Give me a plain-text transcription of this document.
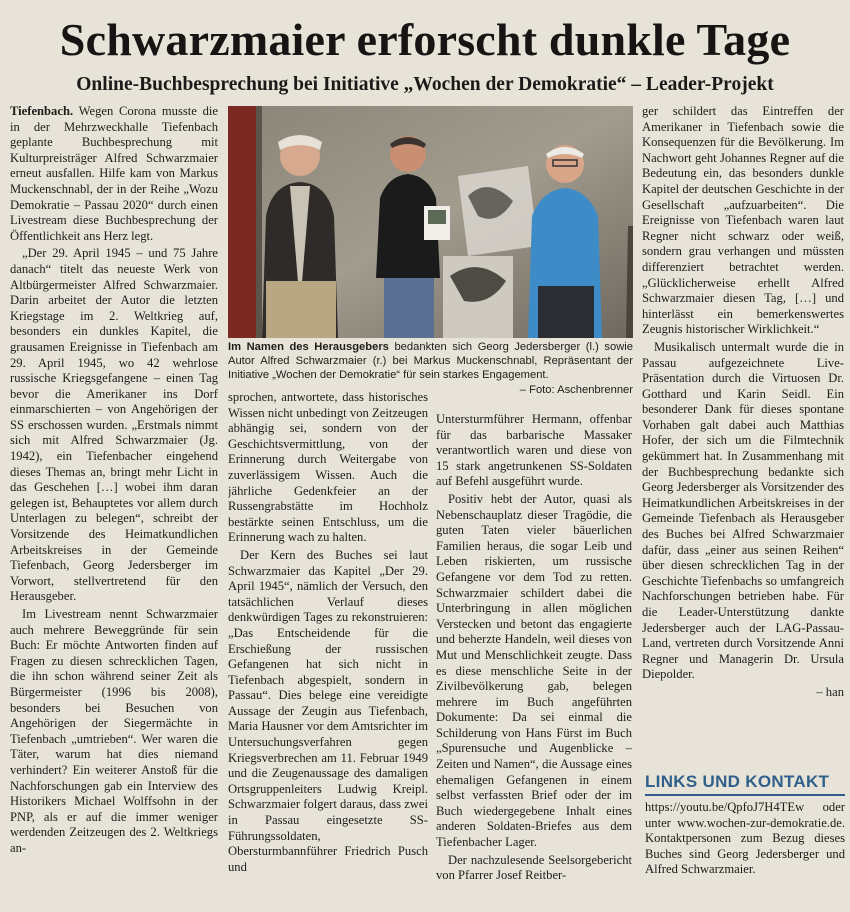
Schwarzmaier erforscht dunkle Tage
Online-Buchbesprechung bei Initiative „Wochen der Demokratie“ – Leader-Projekt

Tiefenbach. Wegen Corona musste die in der Mehrzweckhalle Tiefenbach geplante Buchbesprechung mit Kulturpreisträger Alfred Schwarzmaier erneut ausfallen. Hilfe kam von Markus Muckenschnabl, der in der Reihe „Wozu Demokratie – Passau 2020“ durch einen Livestream diese Buchbesprechung der Öffentlichkeit ans Herz legt.

„Der 29. April 1945 – und 75 Jahre danach“ titelt das neueste Werk von Altbürgermeister Alfred Schwarzmaier. Darin arbeitet der Autor die letzten Kriegstage im 2. Weltkrieg auf, besonders ein dunkles Kapitel, die grausamen Ereignisse in Tiefenbach am 29. April 1945, wo 42 wehrlose russische Kriegsgefangene – einen Tag bevor die Amerikaner ins Dorf einmarschierten – von Angehörigen der SS erschossen wurden. „Erstmals nimmt sich mit Alfred Schwarzmaier (Jg. 1942), ein Tiefenbacher eingehend dieses Themas an, bringt mehr Licht in das Geschehen […] wobei ihm daran gelegen ist, Behauptetes vor allem durch Unterlagen zu belegen“, schreibt der Vorsitzende des Heimatkundlichen Arbeitskreises in der Gemeinde Tiefenbach, Georg Jedersberger im Vorwort, stellvertretend für den Herausgeber.

Im Livestream nennt Schwarzmaier auch mehrere Beweggründe für sein Buch: Er möchte Antworten finden auf Fragen zu diesen schrecklichen Tagen, die ihn schon während seiner Zeit als Bürgermeister (1996 bis 2008), besonders bei Besuchen von Angehörigen der Siegermächte in Tiefenbach „umtrieben“. Wer waren die Täter, warum hat dies niemand verhindert? Ein weiterer Anstoß für die Nachforschungen gab ein Interview des Historikers Michael Wolffsohn in der PNP, als er auf die immer weniger werdenden Zeitzeugen des 2. Weltkriegs an-

Im Namen des Herausgebers bedankten sich Georg Jedersberger (l.) sowie Autor Alfred Schwarzmaier (r.) bei Markus Muckenschnabl, Repräsentant der Initiative „Wochen der Demokratie“ für sein starkes Engagement.
– Foto: Aschenbrenner

sprochen, antwortete, dass historisches Wissen nicht unbedingt von Zeitzeugen abhängig sei, sondern von der Geschichtsvermittlung, von der Erinnerung durch Weitergabe von zuverlässigem Wissen. Auch die jährliche Gedenkfeier an der Russengrabstätte im Hochholz bestärkte seinen Entschluss, um die Erinnerung wach zu halten.

Der Kern des Buches sei laut Schwarzmaier das Kapitel „Der 29. April 1945“, nämlich der Versuch, den tatsächlichen Verlauf dieses denkwürdigen Tages zu rekonstruieren: „Das Entscheidende für die Erschießung der russischen Gefangenen hat sich nicht in Tiefenbach abgespielt, sondern in Passau“. Dies belege eine vereidigte Aussage der Zeugin aus Tiefenbach, Maria Hausner vor dem Amtsrichter im Untersuchungsverfahren gegen Kriegsverbrechen am 11. Februar 1949 und die Zeugenaussage des damaligen Ortsgruppenleiters Ludwig Kreipl. Schwarzmaier folgert daraus, dass zwei in Passau eingesetzte SS-Führungssoldaten, Obersturmbannführer Friedrich Pusch und

Untersturmführer Hermann, offenbar für das barbarische Massaker verantwortlich waren und diese von 15 stark angetrunkenen SS-Soldaten auf Befehl ausgeführt wurde.

Positiv hebt der Autor, quasi als Nebenschauplatz dieser Tragödie, die guten Taten vieler bäuerlichen Familien heraus, die sogar Leib und Leben riskierten, um russische Gefangene vor dem Tod zu retten. Schwarzmaier schildert dabei die Unterbringung in allen möglichen Verstecken und betont das engagierte und beherzte Handeln, weil dieses von Mut und Menschlichkeit zeugte. Dass es diese menschliche Seite in der Zivilbevölkerung gab, belegen mehrere im Buch angeführten Dokumente: Da sei einmal die Schilderung von Hans Fürst im Buch „Spurensuche und Augenblicke – Zeiten und Namen“, die Aussage eines ehemaligen Gefangenen in einem selbst verfassten Brief oder der im Buch wiedergegebene Inhalt eines anderen Soldaten-Briefes aus dem Tiefenbacher Lager.

Der nachzulesende Seelsorgebericht von Pfarrer Josef Reitber-

ger schildert das Eintreffen der Amerikaner in Tiefenbach sowie die Konsequenzen für die Bevölkerung. Im Nachwort geht Johannes Regner auf die Bedeutung ein, das besonders dunkle Kapitel der deutschen Geschichte in der Gesellschaft „aufzuarbeiten“. Die Ereignisse von Tiefenbach waren laut Regner nicht schwarz oder weiß, sondern grau verhangen und müssten differenziert betrachtet werden. „Glücklicherweise erhellt Alfred Schwarzmaier diesen Tag, […] und hinterlässt ein bemerkenswertes Zeugnis historischer Wirklichkeit.“

Musikalisch untermalt wurde die in Passau aufgezeichnete Live-Präsentation durch die Virtuosen Dr. Gotthard und Karin Seidl. Ein besonderer Dank für dieses spontane Vorhaben galt dabei auch Matthias Hofer, der sich um die Filmtechnik gekümmert hat. In Zusammenhang mit der Buchbesprechung bedankte sich Georg Jedersberger als Vorsitzender des Heimatkundlichen Arbeitskreises in der Gemeinde Tiefenbach als Herausgeber des Buches bei Alfred Schwarzmaier dafür, dass „einer aus seinen Reihen“ über diesen schrecklichen Tag in der Geschichte Tiefenbachs so umfangreich Nachforschungen betrieben habe. Für die Leader-Unterstützung dankte Jedersberger auch der LAG-Passau-Land, vertreten durch Vorsitzende Anni Regner und Managerin Dr. Ursula Diepolder.

– han

LINKS UND KONTAKT

https://youtu.be/QpfoJ7H4TEw oder unter www.wochen-zur-demokratie.de. Kontaktpersonen zum Bezug dieses Buches sind Georg Jedersberger und Alfred Schwarzmaier.
